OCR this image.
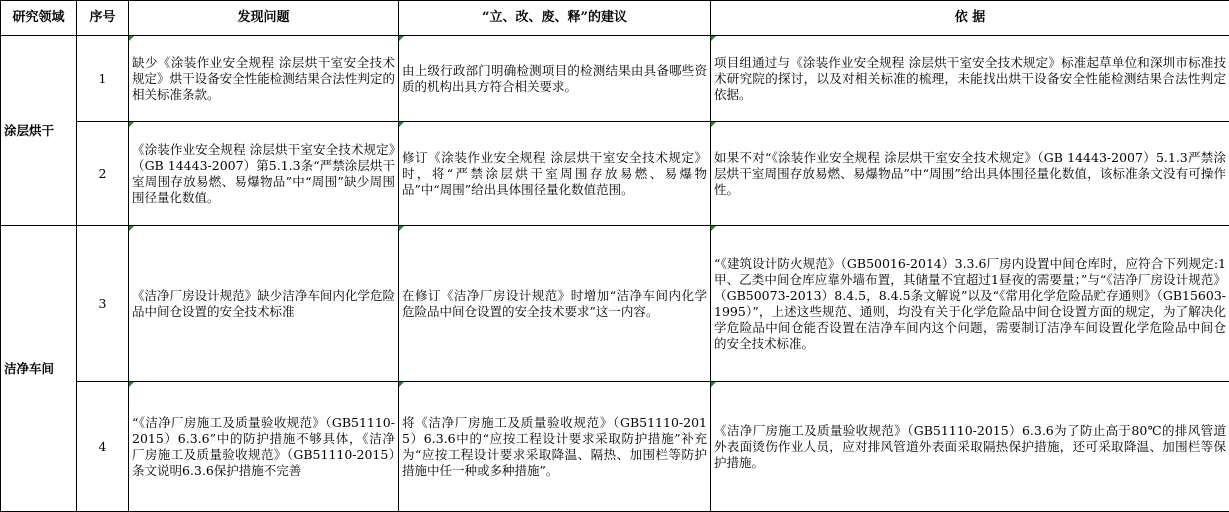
研究领域	序号	发现问题	“立、改、废、释”的建议	依 据
涂层烘干	1	缺少《涂装作业安全规程 涂层烘干室安全技术规定》烘干设备安全性能检测结果合法性判定的相关标准条款。	由上级行政部门明确检测项目的检测结果由具备哪些资质的机构出具方符合相关要求。	项目组通过与《涂装作业安全规程 涂层烘干室安全技术规定》标准起草单位和深圳市标准技术研究院的探讨，以及对相关标准的梳理，未能找出烘干设备安全性能检测结果合法性判定依据。
	2	《涂装作业安全规程 涂层烘干室安全技术规定》（GB 14443-2007）第5.1.3条“严禁涂层烘干室周围存放易燃、易爆物品”中“周围”缺少周围围径量化数值。	修订《涂装作业安全规程 涂层烘干室安全技术规定》时，将“严禁涂层烘干室周围存放易燃、易爆物品”中“周围”给出具体围径量化数值范围。	如果不对“《涂装作业安全规程 涂层烘干室安全技术规定》（GB 14443-2007）5.1.3严禁涂层烘干室周围存放易燃、易爆物品”中“周围”给出具体围径量化数值，该标准条文没有可操作性。
洁净车间	3	《洁净厂房设计规范》缺少洁净车间内化学危险品中间仓设置的安全技术标准	在修订《洁净厂房设计规范》时增加“洁净车间内化学危险品中间仓设置的安全技术要求”这一内容。	“《建筑设计防火规范》（GB50016-2014）3.3.6厂房内设置中间仓库时，应符合下列规定:1 甲、乙类中间仓库应靠外墙布置，其储量不宜超过1昼夜的需要量；”与“《洁净厂房设计规范》（GB50073-2013）8.4.5，8.4.5条文解说”以及“《常用化学危险品贮存通则》（GB15603-1995）”，上述这些规范、通则，均没有关于化学危险品中间仓设置方面的规定，为了解决化学危险品中间仓能否设置在洁净车间内这个问题，需要制订洁净车间设置化学危险品中间仓的安全技术标准。
	4	“《洁净厂房施工及质量验收规范》（GB51110-2015）6.3.6”中的防护措施不够具体，《洁净厂房施工及质量验收规范》（GB51110-2015）条文说明6.3.6保护措施不完善	将《洁净厂房施工及质量验收规范》（GB51110-2015）6.3.6中的“应按工程设计要求采取防护措施”补充为“应按工程设计要求采取降温、隔热、加围栏等防护措施中任一种或多种措施”。	《洁净厂房施工及质量验收规范》（GB51110-2015）6.3.6为了防止高于80℃的排风管道外表面烫伤作业人员，应对排风管道外表面采取隔热保护措施，还可采取降温、加围栏等保护措施。
